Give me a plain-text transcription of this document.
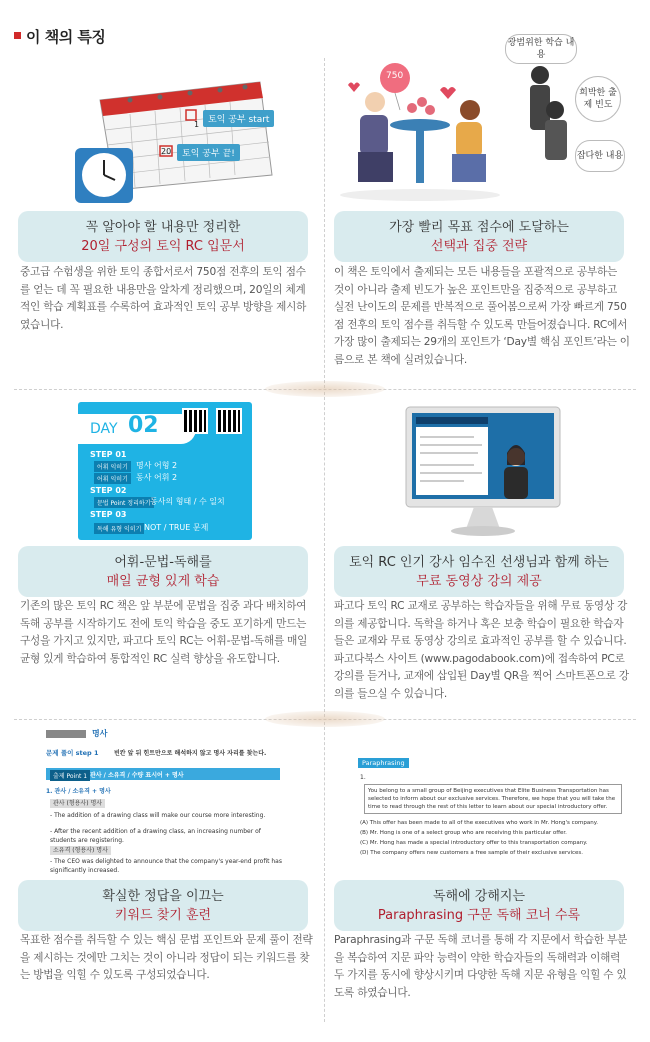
이 책의 특징
1
20
토익 공부 start
토익 공부 끝!
750
광범위한 학습 내용
희박한 출제 빈도
잡다한 내용
꼭 알아야 할 내용만 정리한
20일 구성의 토익 RC 입문서
중고급 수험생을 위한 토익 종합서로서 750점 전후의 토익 점수를 얻는 데 꼭 필요한 내용만을 알차게 정리했으며, 20일의 체계적인 학습 계획표를 수록하여 효과적인 토익 공부 방향을 제시하였습니다.
가장 빨리 목표 점수에 도달하는
선택과 집중 전략
이 책은 토익에서 출제되는 모든 내용들을 포괄적으로 공부하는 것이 아니라 출제 빈도가 높은 포인트만을 집중적으로 공부하고 실전 난이도의 문제를 반복적으로 풀어봄으로써 가장 빠르게 750점 전후의 토익 점수를 취득할 수 있도록 만들어졌습니다. RC에서 가장 많이 출제되는 29개의 포인트가 ‘Day별 핵심 포인트’라는 이름으로 본 책에 실려있습니다.
DAY 02
STEP 01
어휘 익히기	명사 어형 2
어휘 익히기	동사 어휘 2
STEP 02
문법 Point 정리하기 동사의 형태 / 수 일치
STEP 03
독해 유형 익히기 NOT / TRUE 문제
어휘-문법-독해를
매일 균형 있게 학습
기존의 많은 토익 RC 책은 앞 부분에 문법을 집중 과다 배치하여 독해 공부를 시작하기도 전에 토익 학습을 중도 포기하게 만드는 구성을 가지고 있지만, 파고다 토익 RC는 어휘-문법-독해를 매일 균형 있게 학습하여 통합적인 RC 실력 향상을 유도합니다.
토익 RC 인기 강사 임수진 선생님과 함께 하는
무료 동영상 강의 제공
파고다 토익 RC 교재로 공부하는 학습자들을 위해 무료 동영상 강의를 제공합니다. 독학을 하거나 혹은 보충 학습이 필요한 학습자들은 교재와 무료 동영상 강의로 효과적인 공부를 할 수 있습니다. 파고다북스 사이트 (www.pagodabook.com)에 접속하여 PC로 강의를 듣거나, 교재에 삽입된 Day별 QR을 찍어 스마트폰으로 강의를 들으실 수 있습니다.
명사
문제 풀이 step 1	빈칸 앞 뒤 힌트만으로 해석하지 않고 명사 자리를 찾는다.
출제 Point 1 관사 / 소유격 / 수량 표시어 + 명사
1. 관사 / 소유격 + 명사
관사 (형용사) 명사
- The addition of a drawing class will make our course more interesting.
- After the recent addition of a drawing class, an increasing number of students are registering.
소유격 (형용사) 명사
- The CEO was delighted to announce that the company's year-end profit has significantly increased.
Paraphrasing
1.
You belong to a small group of Beijing executives that Elite Business Transportation has selected to inform about our exclusive services. Therefore, we hope that you will take the time to read through the rest of this letter to learn about our special introductory offer.
(A) This offer has been made to all of the executives who work in Mr. Hong's company.
(B) Mr. Hong is one of a select group who are receiving this particular offer.
(C) Mr. Hong has made a special introductory offer to this transportation company.
(D) The company offers new customers a free sample of their exclusive services.
확실한 정답을 이끄는
키워드 찾기 훈련
목표한 점수를 취득할 수 있는 핵심 문법 포인트와 문제 풀이 전략을 제시하는 것에만 그치는 것이 아니라 정답이 되는 키워드를 찾는 방법을 익힐 수 있도록 구성되었습니다.
독해에 강해지는
Paraphrasing 구문 독해 코너 수록
Paraphrasing과 구문 독해 코너를 통해 각 지문에서 학습한 부분을 복습하여 지문 파악 능력이 약한 학습자들의 독해력과 이해력 두 가지를 동시에 향상시키며 다양한 독해 지문 유형을 익힐 수 있도록 하였습니다.
